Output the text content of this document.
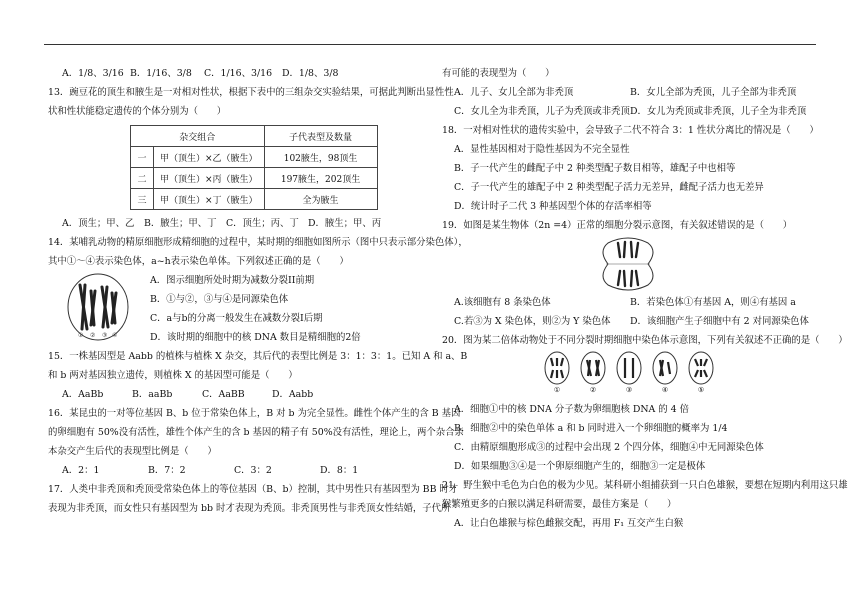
A．1/8、3/16 B．1/16、3/8	C．1/16、3/16	D．1/8、3/8
13．豌豆花的顶生和腋生是一对相对性状，根据下表中的三组杂交实验结果，可据此判断出显性性
状和性状能稳定遗传的个体分别为（　　）
杂交组合		子代表型及数量
一	甲（顶生）×乙（腋生）	102腋生，98顶生
二	甲（顶生）×丙（腋生）	197腋生，202顶生
三	甲（顶生）×丁（腋生）	全为腋生
A．顶生；甲、乙	B．腋生；甲、丁	C．顶生；丙、丁 D．腋生；甲、丙
14．某哺乳动物的精原细胞形成精细胞的过程中，某时期的细胞如图所示（图中只表示部分染色体），
其中①～④表示染色体，a~h表示染色单体。下列叙述正确的是（　　）
① ② ③ ④
A．图示细胞所处时期为减数分裂II前期
B．①与②，③与④是同源染色体
C．a与b的分离一般发生在减数分裂Ⅰ后期
D．该时期的细胞中的核 DNA 数目是精细胞的2倍
15．一株基因型是 Aabb 的植株与植株 X 杂交，其后代的表型比例是 3：1：3：1。已知 A 和 a、B
和 b 两对基因独立遗传，则植株 X 的基因型可能是（　　）
A．AaBb	B．aaBb	C．AaBB	D．Aabb
16．某昆虫的一对等位基因 B、b 位于常染色体上，B 对 b 为完全显性。雌性个体产生的含 B 基因
的卵细胞有 50%没有活性，雄性个体产生的含 b 基因的精子有 50%没有活性，理论上，两个杂合亲
本杂交产生后代的表现型比例是（　　）
A．2：1	B．7：2	C．3：2	D．8：1
17．人类中非秃顶和秃顶受常染色体上的等位基因（B、b）控制，其中男性只有基因型为 BB 时才
表现为非秃顶，而女性只有基因型为 bb 时才表现为秃顶。非秃顶男性与非秃顶女性结婚，子代所
有可能的表现型为（　　）
A．儿子、女儿全部为非秃顶	B．女儿全部为秃顶，儿子全部为非秃顶
C．女儿全为非秃顶，儿子为秃顶或非秃顶 D．女儿为秃顶或非秃顶，儿子全为非秃顶
18．一对相对性状的遗传实验中，会导致子二代不符合 3：1 性状分离比的情况是（　　）
A．显性基因相对于隐性基因为不完全显性
B．子一代产生的雌配子中 2 种类型配子数目相等，雄配子中也相等
C．子一代产生的雄配子中 2 种类型配子活力无差异，雌配子活力也无差异
D．统计时子二代 3 种基因型个体的存活率相等
19．如图是某生物体（2n =4）正常的细胞分裂示意图，有关叙述错误的是（　　）
A.该细胞有 8 条染色体	B．若染色体①有基因 A，则④有基因 a
C.若③为 X 染色体，则②为 Y 染色体	D．该细胞产生子细胞中有 2 对同源染色体
20．图为某二倍体动物处于不同分裂时期细胞中染色体示意图，下列有关叙述不正确的是（　　）
①	②	③	④	⑤
A．细胞①中的核 DNA 分子数为卵细胞核 DNA 的 4 倍
B．细胞②中的染色单体 a 和 b 同时进入一个卵细胞的概率为 1/4
C．由精原细胞形成③的过程中会出现 2 个四分体，细胞④中无同源染色体
D．如果细胞③④是一个卵原细胞产生的，细胞③一定是极体
21．野生猴中毛色为白色的极为少见。某科研小组捕获到一只白色雄猴，要想在短期内利用这只雄
猴繁殖更多的白猴以满足科研需要，最佳方案是（　　）
A．让白色雄猴与棕色雌猴交配，再用 F₁ 互交产生白猴
